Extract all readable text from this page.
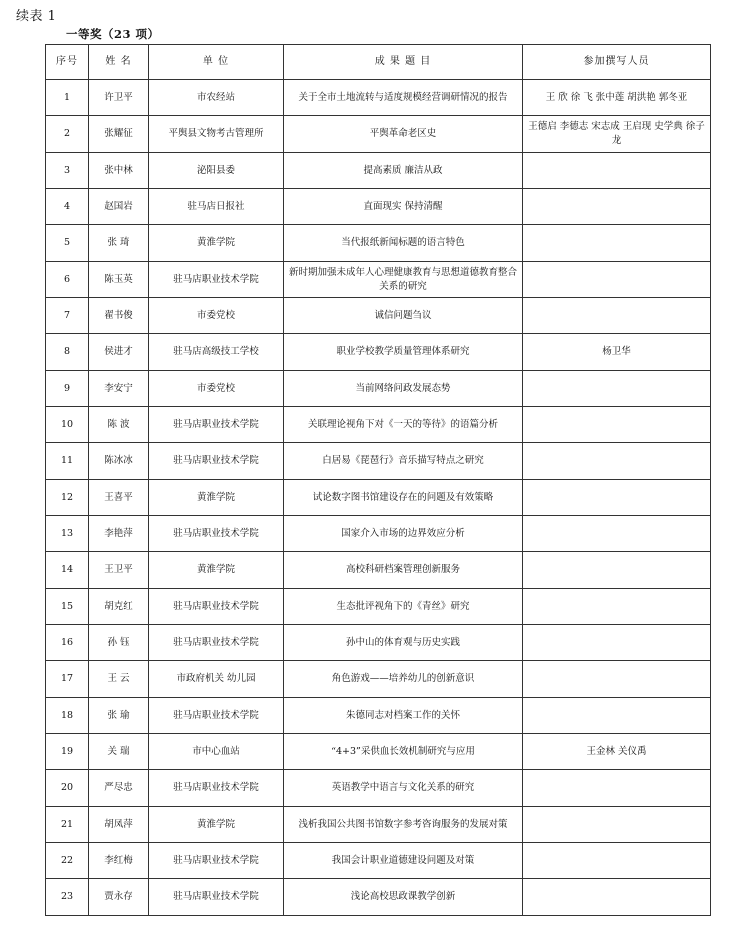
续表 1
一等奖（23 项）
序号	姓 名	单 位	成 果 题 目	参加撰写人员
1	许卫平	市农经站	关于全市土地流转与适度规模经营调研情况的报告	王 欣 徐 飞 张中莲 胡洪艳 郭冬亚
2	张耀征	平舆县文物考古管理所	平舆革命老区史	王德启 李德志 宋志成 王启现 史学典 徐子龙
3	张中林	泌阳县委	提高素质 廉洁从政	
4	赵国岩	驻马店日报社	直面现实 保持清醒	
5	张 琦	黄淮学院	当代报纸新闻标题的语言特色	
6	陈玉英	驻马店职业技术学院	新时期加强未成年人心理健康教育与思想道德教育整合关系的研究	
7	翟书俊	市委党校	诚信问题刍议	
8	侯进才	驻马店高级技工学校	职业学校教学质量管理体系研究	杨卫华
9	李安宁	市委党校	当前网络问政发展态势	
10	陈 波	驻马店职业技术学院	关联理论视角下对《一天的等待》的语篇分析	
11	陈冰冰	驻马店职业技术学院	白居易《琵琶行》音乐描写特点之研究	
12	王喜平	黄淮学院	试论数字图书馆建设存在的问题及有效策略	
13	李艳萍	驻马店职业技术学院	国家介入市场的边界效应分析	
14	王卫平	黄淮学院	高校科研档案管理创新服务	
15	胡克红	驻马店职业技术学院	生态批评视角下的《青丝》研究	
16	孙 钰	驻马店职业技术学院	孙中山的体育观与历史实践	
17	王 云	市政府机关 幼儿园	角色游戏——培养幼儿的创新意识	
18	张 瑜	驻马店职业技术学院	朱德同志对档案工作的关怀	
19	关 瑞	市中心血站	“4+3”采供血长效机制研究与应用	王金林 关仪禹
20	严尽忠	驻马店职业技术学院	英语教学中语言与文化关系的研究	
21	胡凤萍	黄淮学院	浅析我国公共图书馆数字参考咨询服务的发展对策	
22	李红梅	驻马店职业技术学院	我国会计职业道德建设问题及对策	
23	贾永存	驻马店职业技术学院	浅论高校思政课教学创新	
